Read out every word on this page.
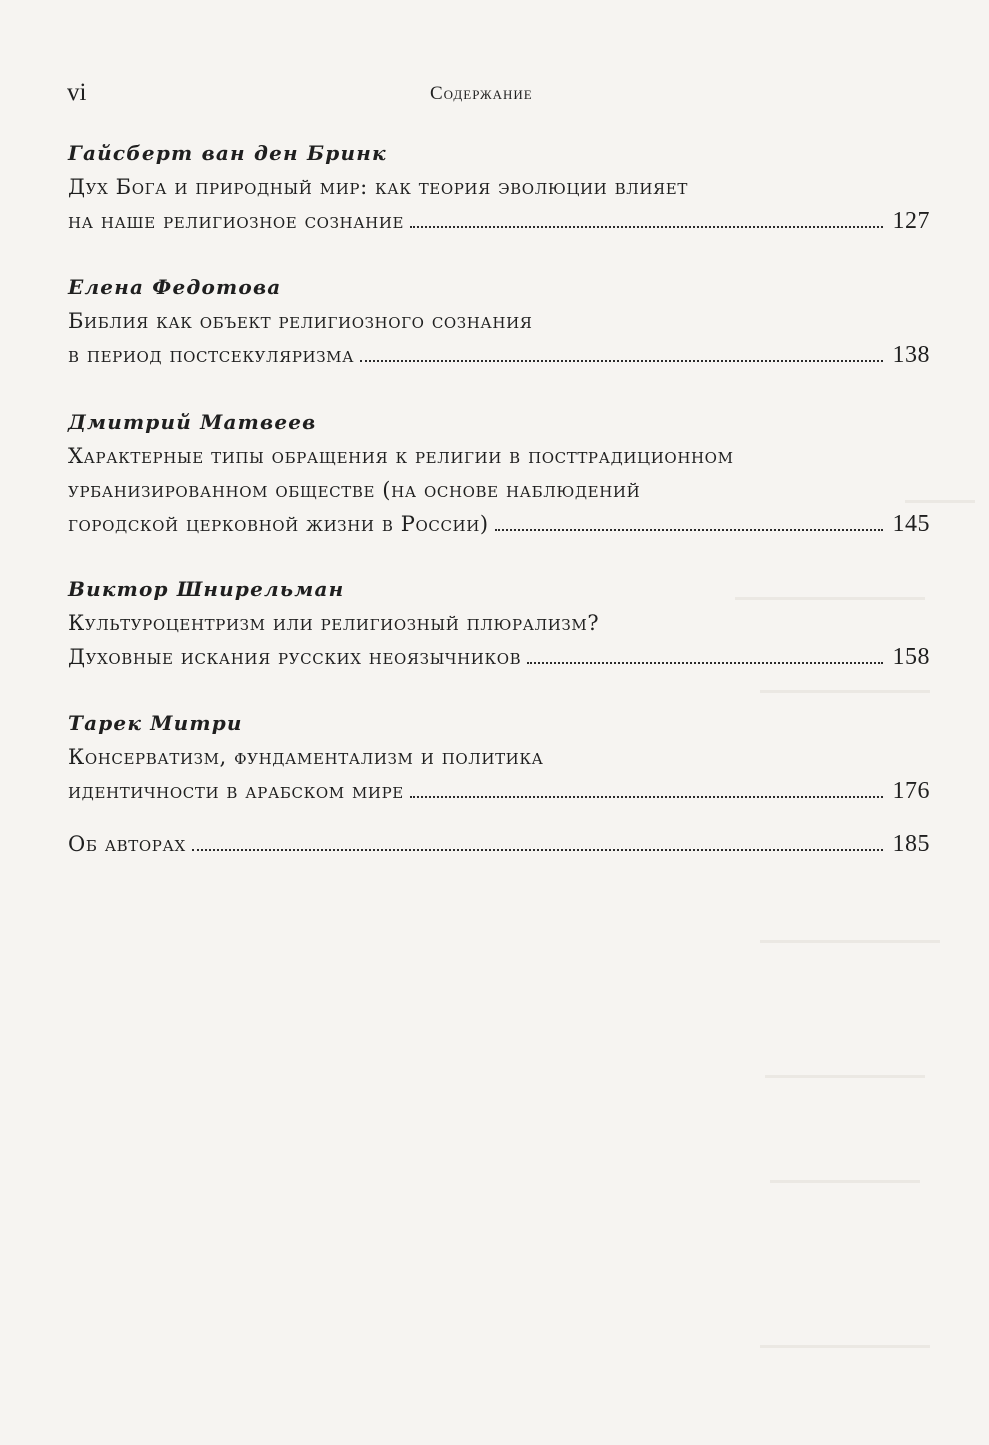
vi	Содержание
Гайсберт ван ден Бринк
Дух Бога и природный мир: как теория эволюции влияет
на наше религиозное сознание	127
Елена Федотова
Библия как объект религиозного сознания
в период постсекуляризма	138
Дмитрий Матвеев
Характерные типы обращения к религии в посттрадиционном
урбанизированном обществе (на основе наблюдений
городской церковной жизни в России)	145
Виктор Шнирельман
Культуроцентризм или религиозный плюрализм?
Духовные искания русских неоязычников	158
Тарек Митри
Консерватизм, фундаментализм и политика
идентичности в арабском мире	176
Об авторах	185
